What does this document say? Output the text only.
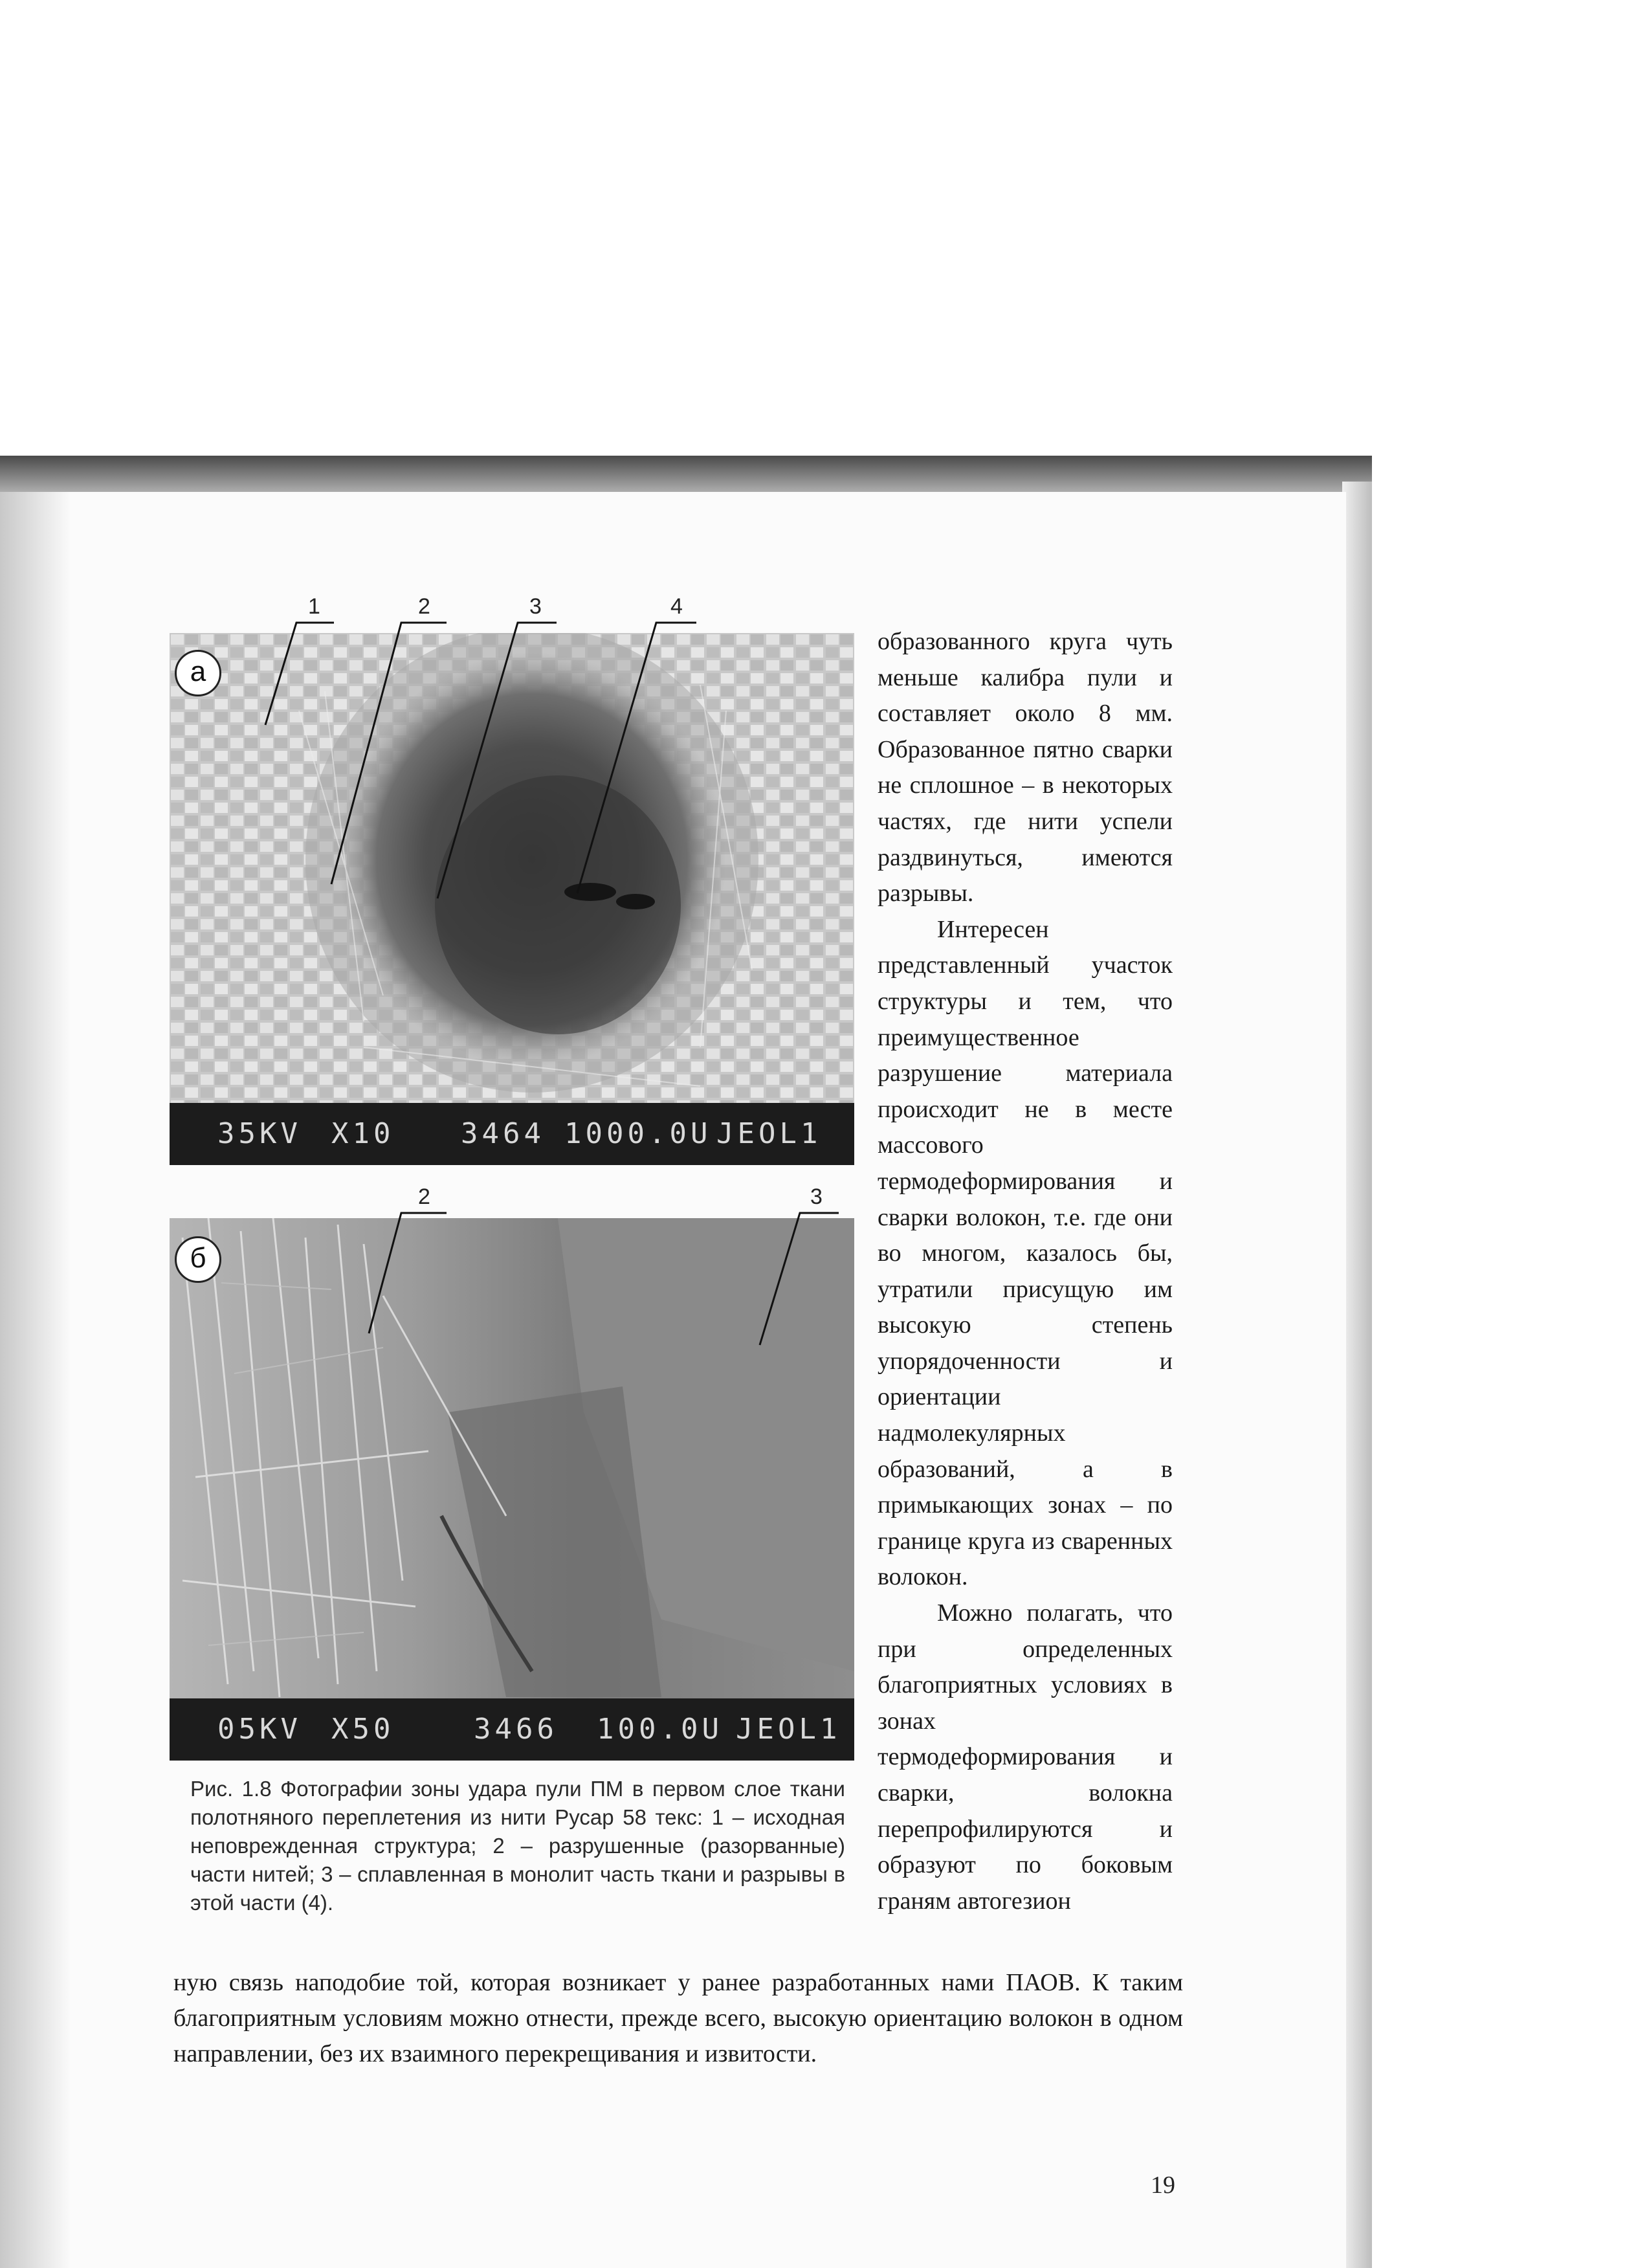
35KV X10 3464 1000.0U JEOL1
а
05KV X50	3466 100.0U JEOL1
б
1	2	3	4
2	3
Рис. 1.8 Фотографии зоны удара пули ПМ в первом слое ткани полотняного переплетения из нити Русар 58 текс: 1 – исходная неповрежденная структура; 2 – разрушенные (разорванные) части нитей; 3 – сплавленная в монолит часть ткани и разрывы в этой части (4).

образованного круга чуть меньше калибра пули и составляет около 8 мм. Образованное пятно сварки не сплошное – в некоторых частях, где нити успели раздвинуться, имеются разрывы.

Интересен представленный участок структуры и тем, что преимущественное разрушение материала происходит не в месте массового термодеформирования и сварки волокон, т.е. где они во многом, казалось бы, утратили присущую им высокую степень упорядоченности и ориентации надмолекулярных образований, а в примыкающих зонах – по границе круга из сваренных волокон.

Можно полагать, что при определенных благоприятных условиях в зонах термодеформирования и сварки, волокна перепрофилируются и образуют по боковым граням автогезион

ную связь наподобие той, которая возникает у ранее разработанных нами ПАОВ. К таким благоприятным условиям можно отнести, прежде всего, высокую ориентацию волокон в одном направлении, без их взаимного перекрещивания и извитости.

19
